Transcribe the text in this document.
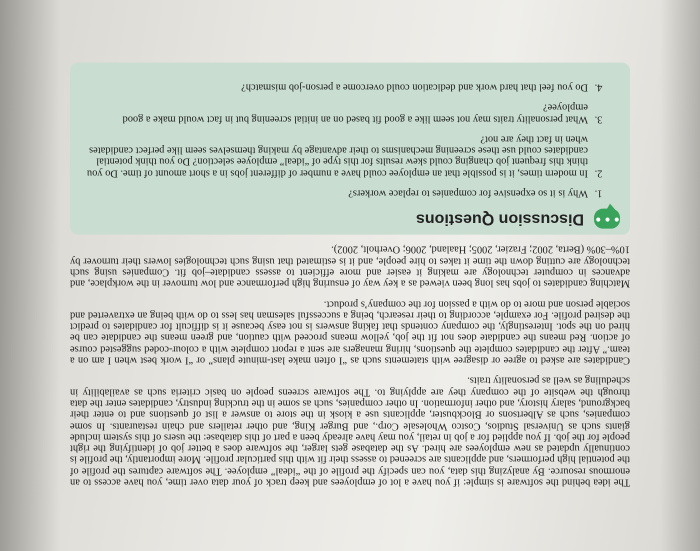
The idea behind the software is simple: if you have a lot of employees and keep track of your data over time, you have access to an enormous resource. By analyzing this data, you can specify the profile of the “ideal” employee. The software captures the profile of the potential high performers, and applicants are screened to assess their fit with this particular profile. More importantly, the profile is continually updated as new employees are hired. As the database gets larger, the software does a better job of identifying the right people for the job. If you applied for a job in retail, you may have already been a part of this database: the users of this system include giants such as Universal Studios, Costco Wholesale Corp., and Burger King, and other retailers and chain restaurants. In some companies, such as Albertsons or Blockbuster, applicants use a kiosk in the store to answer a list of questions and to enter their background, salary history, and other information. In other companies, such as some in the trucking industry, candidates enter the data through the website of the company they are applying to. The software screens people on basic criteria such as availability in scheduling as well as personality traits.

Candidates are asked to agree or disagree with statements such as “I often make last-minute plans” or “I work best when I am on a team.” After the candidates complete the questions, hiring managers are sent a report complete with a colour-coded suggested course of action. Red means the candidate does not fit the job, yellow means proceed with caution, and green means the candidate can be hired on the spot. Interestingly, the company contends that faking answers is not easy because it is difficult for candidates to predict the desired profile. For example, according to their research, being a successful salesman has less to do with being an extraverted and sociable person and more to do with a passion for the company’s product.

Matching candidates to jobs has long been viewed as a key way of ensuring high performance and low turnover in the workplace, and advances in computer technology are making it easier and more efficient to assess candidate–job fit. Companies using such technology are cutting down the time it takes to hire people, and it is estimated that using such technologies lowers their turnover by 10%–30% (Berta, 2002; Frazier, 2005; Haaland, 2006; Overholt, 2002).

•••
Discussion Questions
1. Why is it so expensive for companies to replace workers?
2. In modern times, it is possible that an employee could have a number of different jobs in a short amount of time. Do you think this frequent job changing could skew results for this type of “ideal” employee selection? Do you think potential candidates could use these screening mechanisms to their advantage by making themselves seem like perfect candidates when in fact they are not?
3. What personality traits may not seem like a good fit based on an initial screening but in fact would make a good employee?
4. Do you feel that hard work and dedication could overcome a person-job mismatch?
